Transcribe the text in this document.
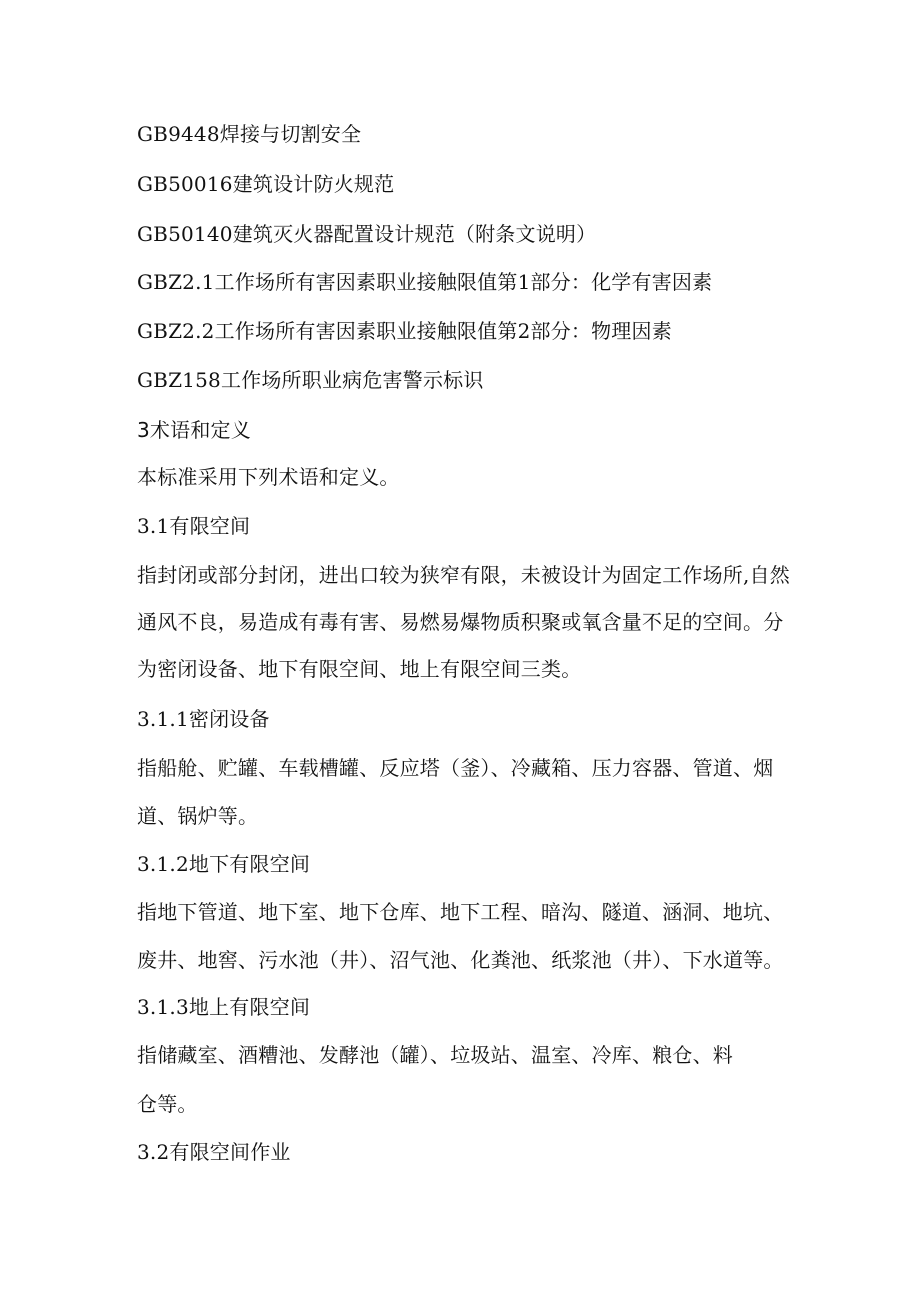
GB9448焊接与切割安全
GB50016建筑设计防火规范
GB50140建筑灭火器配置设计规范（附条文说明）
GBZ2.1工作场所有害因素职业接触限值第1部分：化学有害因素
GBZ2.2工作场所有害因素职业接触限值第2部分：物理因素
GBZ158工作场所职业病危害警示标识
3术语和定义
本标准采用下列术语和定义。
3.1有限空间
指封闭或部分封闭，进出口较为狭窄有限，未被设计为固定工作场所,自然
通风不良，易造成有毒有害、易燃易爆物质积聚或氧含量不足的空间。分
为密闭设备、地下有限空间、地上有限空间三类。
3.1.1密闭设备
指船舱、贮罐、车载槽罐、反应塔（釜）、冷藏箱、压力容器、管道、烟
道、锅炉等。
3.1.2地下有限空间
指地下管道、地下室、地下仓库、地下工程、暗沟、隧道、涵洞、地坑、
废井、地窖、污水池（井）、沼气池、化粪池、纸浆池（井）、下水道等。
3.1.3地上有限空间
指储藏室、酒糟池、发酵池（罐）、垃圾站、温室、冷库、粮仓、料
仓等。
3.2有限空间作业
